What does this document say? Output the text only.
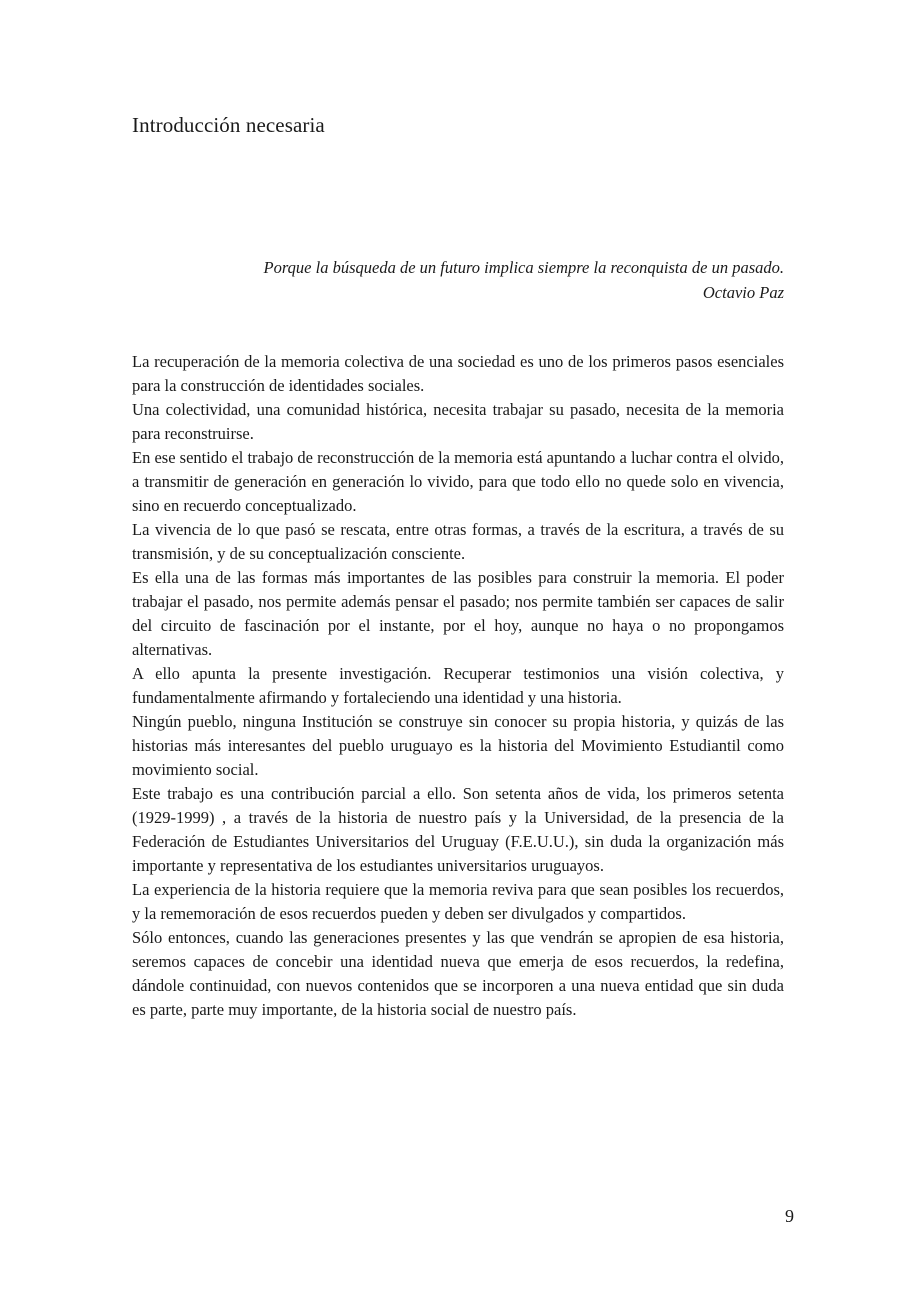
Introducción necesaria

Porque la búsqueda de un futuro implica siempre la reconquista de un pasado.

Octavio Paz

La recuperación de la memoria colectiva de una sociedad es uno de los primeros pasos esenciales para la construcción de identidades sociales.

Una colectividad, una comunidad histórica, necesita trabajar su pasado, necesita de la memoria para reconstruirse.

En ese sentido el trabajo de reconstrucción de la memoria está apuntando a luchar contra el olvido, a transmitir de generación en generación lo vivido, para que todo ello no quede solo en vivencia, sino en recuerdo conceptualizado.

La vivencia de lo que pasó se rescata, entre otras formas, a través de la escritura, a través de su transmisión, y de su conceptualización consciente.

Es ella una de las formas más importantes de las posibles para construir la memoria. El poder trabajar el pasado, nos permite además pensar el pasado; nos permite también ser capaces de salir del circuito de fascinación por el instante, por el hoy, aunque no haya o no propongamos alternativas.

A ello apunta la presente investigación. Recuperar testimonios una visión colectiva, y fundamentalmente afirmando y fortaleciendo una identidad y una historia.

Ningún pueblo, ninguna Institución se construye sin conocer su propia historia, y quizás de las historias más interesantes del pueblo uruguayo es la historia del Movimiento Estudiantil como movimiento social.

Este trabajo es una contribución parcial a ello. Son setenta años de vida, los primeros setenta (1929-1999) , a través de la historia de nuestro país y la Universidad, de la presencia de la Federación de Estudiantes Universitarios del Uruguay (F.E.U.U.), sin duda la organización más importante y representativa de los estudiantes universitarios uruguayos.

La experiencia de la historia requiere que la memoria reviva para que sean posibles los recuerdos, y la rememoración de esos recuerdos pueden y deben ser divulgados y compartidos.

Sólo entonces, cuando las generaciones presentes y las que vendrán se apropien de esa historia, seremos capaces de concebir una identidad nueva que emerja de esos recuerdos, la redefina, dándole continuidad, con nuevos contenidos que se incorporen a una nueva entidad que sin duda es parte, parte muy importante, de la historia social de nuestro país.

9
